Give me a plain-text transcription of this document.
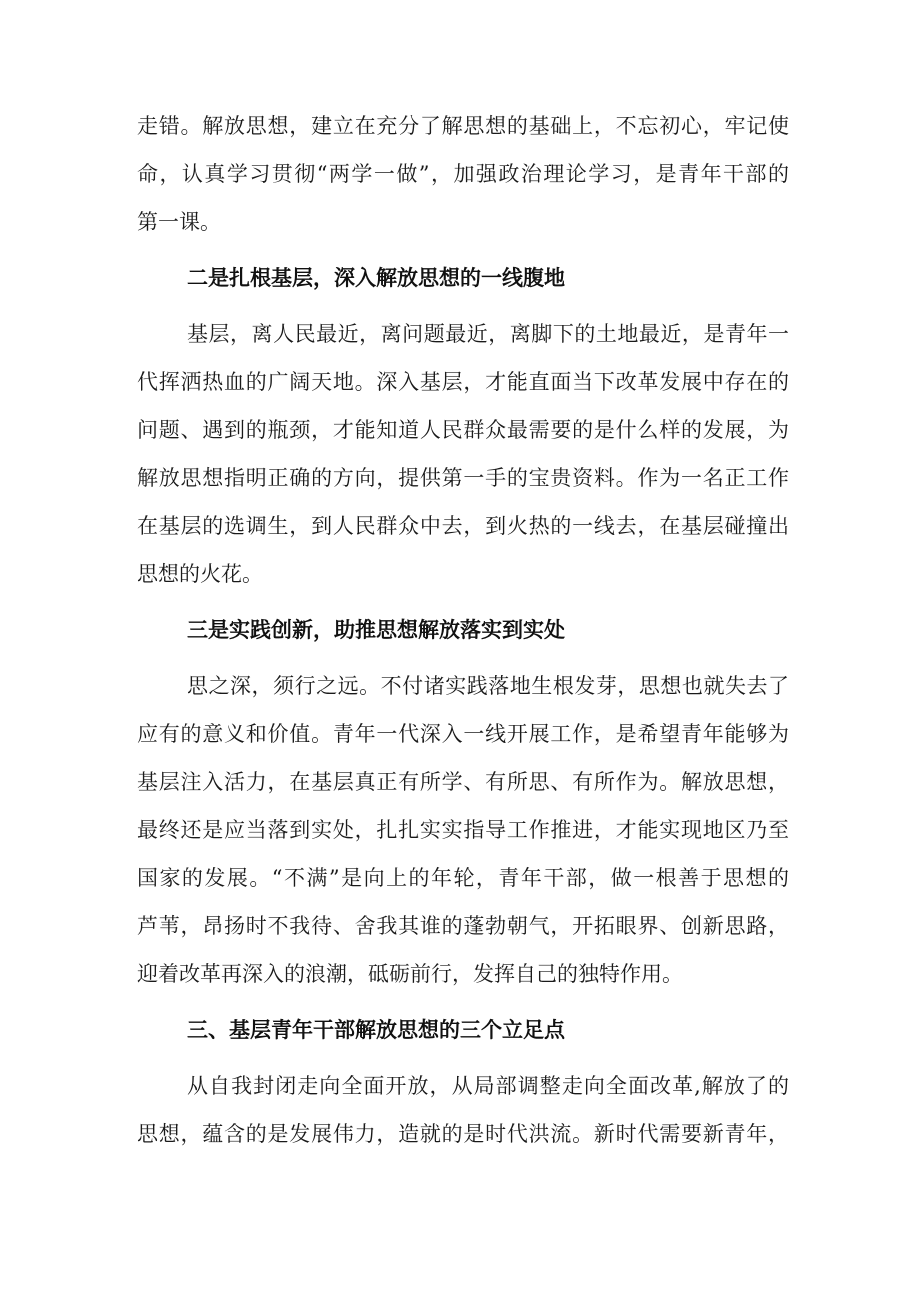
走错。解放思想，建立在充分了解思想的基础上，不忘初心，牢记使
命，认真学习贯彻“两学一做”，加强政治理论学习，是青年干部的
第一课。
二是扎根基层，深入解放思想的一线腹地
基层，离人民最近，离问题最近，离脚下的土地最近，是青年一
代挥洒热血的广阔天地。深入基层，才能直面当下改革发展中存在的
问题、遇到的瓶颈，才能知道人民群众最需要的是什么样的发展，为
解放思想指明正确的方向，提供第一手的宝贵资料。作为一名正工作
在基层的选调生，到人民群众中去，到火热的一线去，在基层碰撞出
思想的火花。
三是实践创新，助推思想解放落实到实处
思之深，须行之远。不付诸实践落地生根发芽，思想也就失去了
应有的意义和价值。青年一代深入一线开展工作，是希望青年能够为
基层注入活力，在基层真正有所学、有所思、有所作为。解放思想，
最终还是应当落到实处，扎扎实实指导工作推进，才能实现地区乃至
国家的发展。“不满”是向上的年轮，青年干部，做一根善于思想的
芦苇，昂扬时不我待、舍我其谁的蓬勃朝气，开拓眼界、创新思路，
迎着改革再深入的浪潮，砥砺前行，发挥自己的独特作用。
三、基层青年干部解放思想的三个立足点
从自我封闭走向全面开放，从局部调整走向全面改革,解放了的
思想，蕴含的是发展伟力，造就的是时代洪流。新时代需要新青年，
